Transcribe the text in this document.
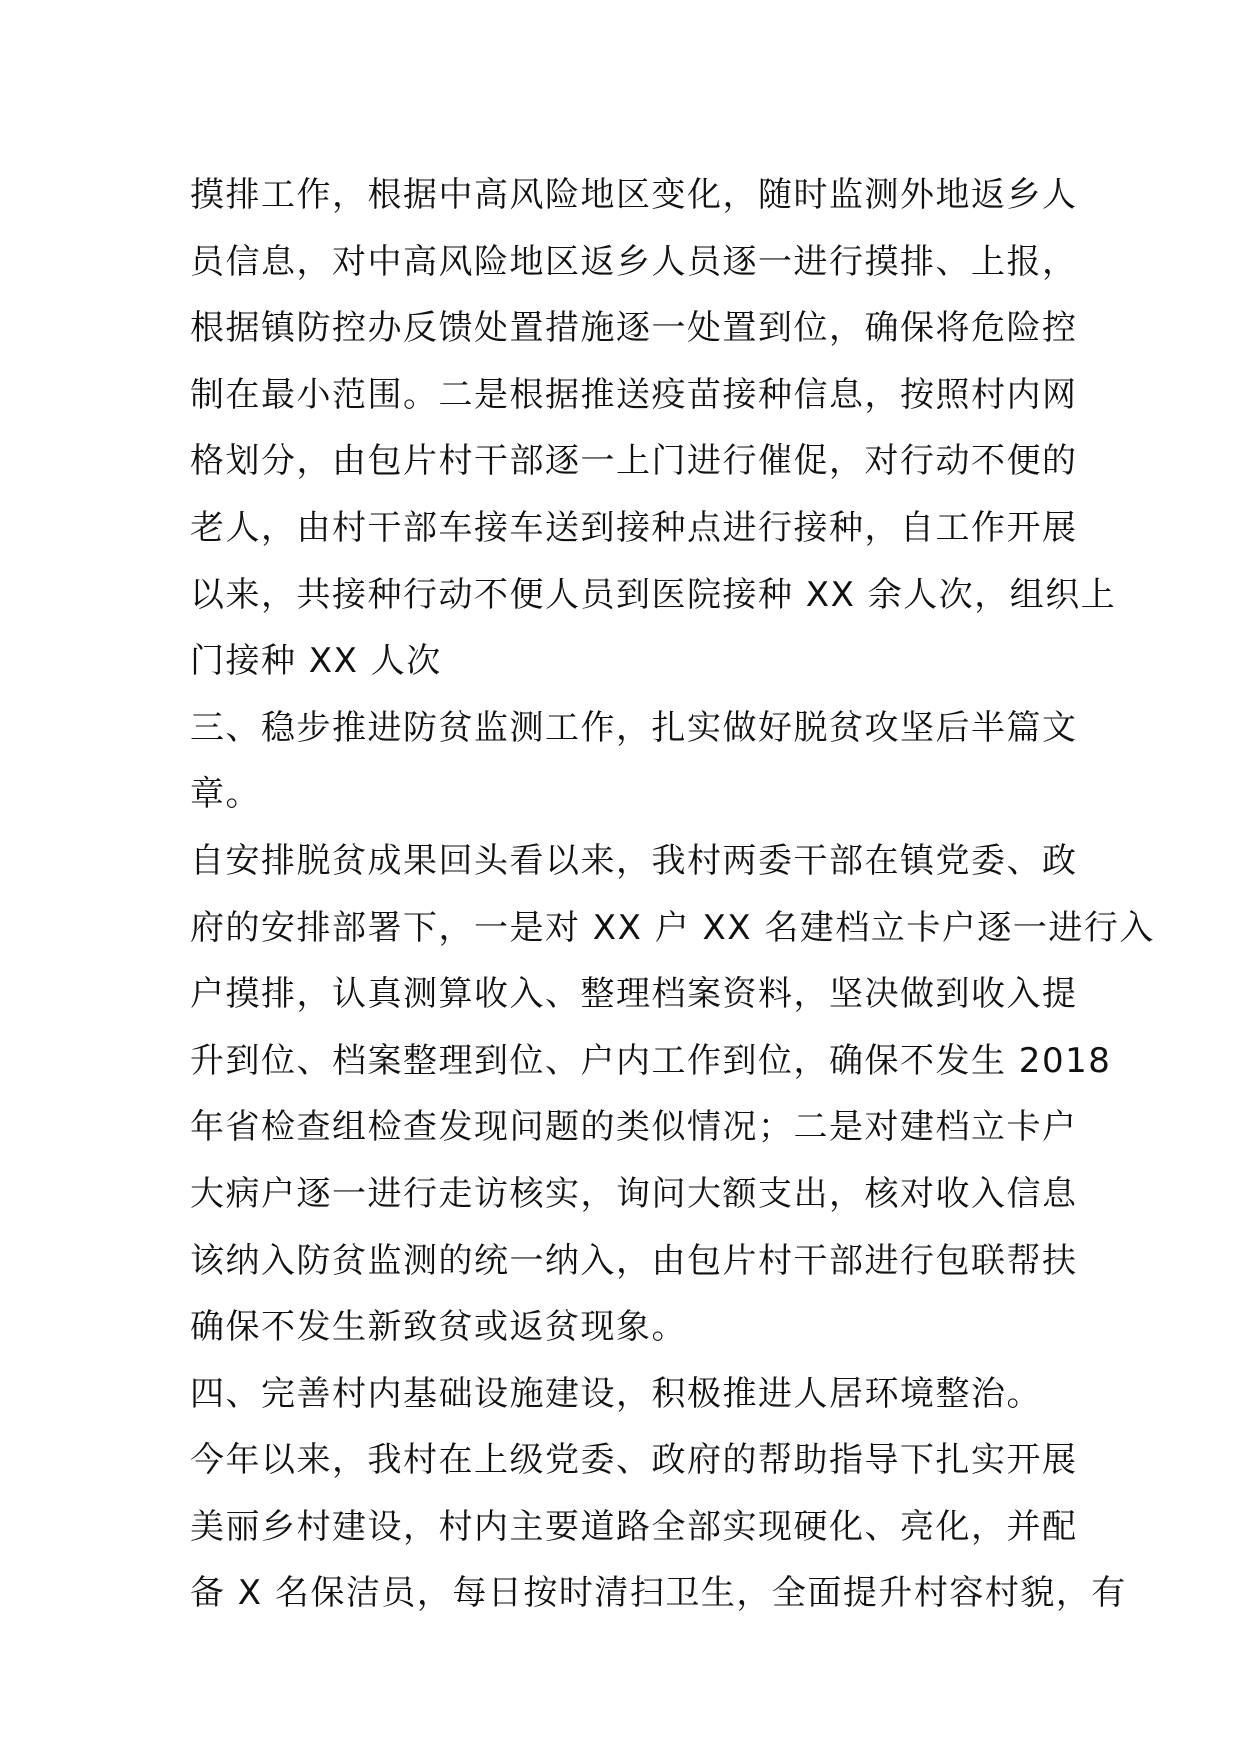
摸排工作，根据中高风险地区变化，随时监测外地返乡人
员信息，对中高风险地区返乡人员逐一进行摸排、上报，
根据镇防控办反馈处置措施逐一处置到位，确保将危险控
制在最小范围。二是根据推送疫苗接种信息，按照村内网
格划分，由包片村干部逐一上门进行催促，对行动不便的
老人，由村干部车接车送到接种点进行接种，自工作开展
以来，共接种行动不便人员到医院接种 XX 余人次，组织上
门接种 XX 人次
三、稳步推进防贫监测工作，扎实做好脱贫攻坚后半篇文
章。
自安排脱贫成果回头看以来，我村两委干部在镇党委、政
府的安排部署下，一是对 XX 户 XX 名建档立卡户逐一进行入
户摸排，认真测算收入、整理档案资料，坚决做到收入提
升到位、档案整理到位、户内工作到位，确保不发生 2018
年省检查组检查发现问题的类似情况；二是对建档立卡户
大病户逐一进行走访核实，询问大额支出，核对收入信息
该纳入防贫监测的统一纳入，由包片村干部进行包联帮扶
确保不发生新致贫或返贫现象。
四、完善村内基础设施建设，积极推进人居环境整治。
今年以来，我村在上级党委、政府的帮助指导下扎实开展
美丽乡村建设，村内主要道路全部实现硬化、亮化，并配
备 X 名保洁员，每日按时清扫卫生，全面提升村容村貌，有
